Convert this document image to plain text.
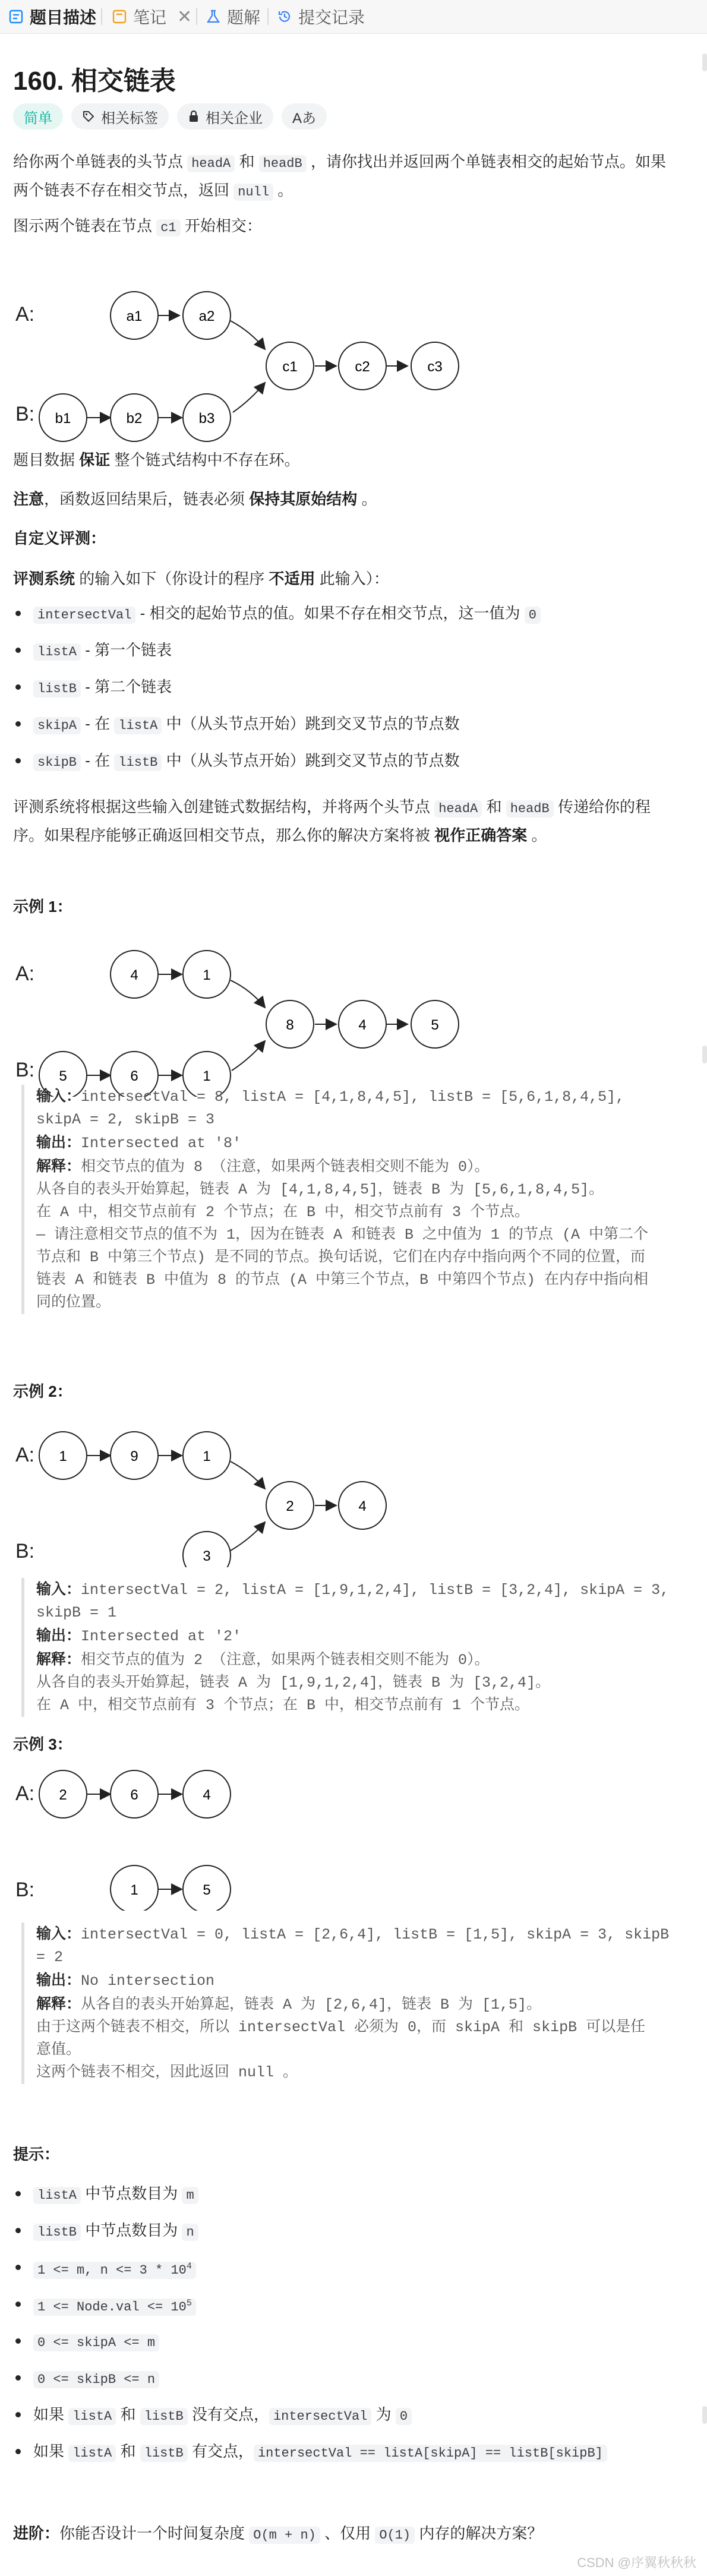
题目描述 笔记 ✕ 题解 提交记录
160. 相交链表
简单	相关标签	相关企业 Aあ

给你两个单链表的头节点 headA 和 headB ，请你找出并返回两个单链表相交的起始节点。如果两个链表不存在相交节点，返回 null 。

图示两个链表在节点 c1 开始相交：

A:
B:
a1	a2
b1	b2	b3
c1	c2	c3

题目数据 保证 整个链式结构中不存在环。

注意，函数返回结果后，链表必须 保持其原始结构 。

自定义评测：

评测系统 的输入如下（你设计的程序 不适用 此输入）：

intersectVal - 相交的起始节点的值。如果不存在相交节点，这一值为 0
listA - 第一个链表
listB - 第二个链表
skipA - 在 listA 中（从头节点开始）跳到交叉节点的节点数
skipB - 在 listB 中（从头节点开始）跳到交叉节点的节点数

评测系统将根据这些输入创建链式数据结构，并将两个头节点 headA 和 headB 传递给你的程序。如果程序能够正确返回相交节点，那么你的解决方案将被 视作正确答案 。

示例 1：

A:
B:
4	1
5	6	1
8	4	5
输入：intersectVal = 8, listA = [4,1,8,4,5], listB = [5,6,1,8,4,5], skipA = 2, skipB = 3
输出：Intersected at '8'
解释：相交节点的值为 8 （注意，如果两个链表相交则不能为 0）。
从各自的表头开始算起，链表 A 为 [4,1,8,4,5]，链表 B 为 [5,6,1,8,4,5]。
在 A 中，相交节点前有 2 个节点；在 B 中，相交节点前有 3 个节点。
— 请注意相交节点的值不为 1，因为在链表 A 和链表 B 之中值为 1 的节点 (A 中第二个
节点和 B 中第三个节点) 是不同的节点。换句话说，它们在内存中指向两个不同的位置，而
链表 A 和链表 B 中值为 8 的节点 (A 中第三个节点，B 中第四个节点) 在内存中指向相
同的位置。

示例 2：

A:
B:
1	9	1
3
2	4
输入：intersectVal = 2, listA = [1,9,1,2,4], listB = [3,2,4], skipA = 3, skipB = 1
输出：Intersected at '2'
解释：相交节点的值为 2 （注意，如果两个链表相交则不能为 0）。
从各自的表头开始算起，链表 A 为 [1,9,1,2,4]，链表 B 为 [3,2,4]。
在 A 中，相交节点前有 3 个节点；在 B 中，相交节点前有 1 个节点。

示例 3：

A:
B:
2	6	4
1	5
输入：intersectVal = 0, listA = [2,6,4], listB = [1,5], skipA = 3, skipB = 2
输出：No intersection
解释：从各自的表头开始算起，链表 A 为 [2,6,4]，链表 B 为 [1,5]。
由于这两个链表不相交，所以 intersectVal 必须为 0，而 skipA 和 skipB 可以是任
意值。
这两个链表不相交，因此返回 null 。

提示：

listA 中节点数目为 m
listB 中节点数目为 n
1 <= m, $n <= 3 * 10^4$
1 <= Node.val <= $10^5$
0 <= skipA <= m
0 <= skipB <= n
如果 listA 和 listB 没有交点， intersectVal 为 0
如果 listA 和 listB 有交点， intersectVal == listA[skipA] == listB[skipB]

进阶：你能否设计一个时间复杂度 O(m + n) 、仅用 O(1) 内存的解决方案？

CSDN @序翼秋秋秋
